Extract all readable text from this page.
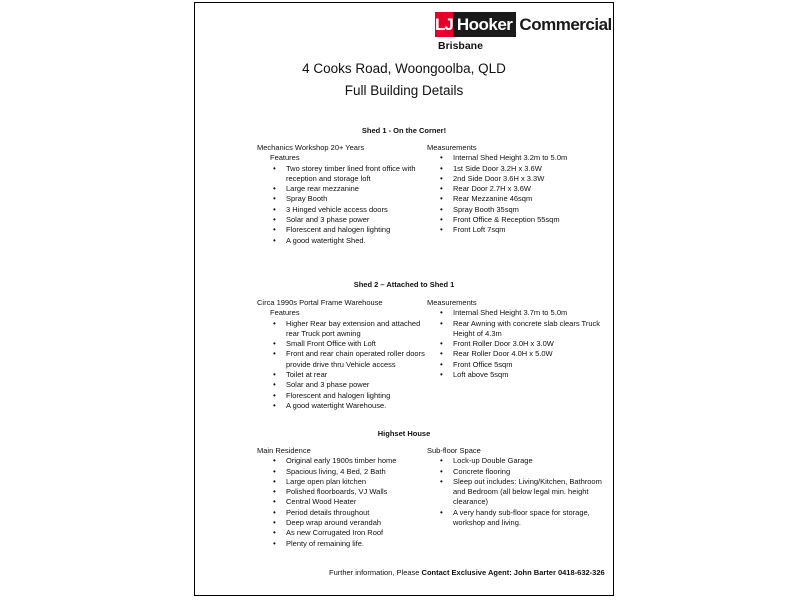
LJ Hooker Commercial
Brisbane
4 Cooks Road, Woongoolba, QLD
Full Building Details
Shed 1 - On the Corner!
Mechanics Workshop 20+ Years
Features
• Two storey timber lined front office with reception and storage loft
• Large rear mezzanine
• Spray Booth
• 3 Hinged vehicle access doors
• Solar and 3 phase power
• Florescent and halogen lighting
• A good watertight Shed.
Measurements
• Internal Shed Height 3.2m to 5.0m
• 1st Side Door 3.2H x 3.6W
• 2nd Side Door 3.6H x 3.3W
• Rear Door 2.7H x 3.6W
• Rear Mezzanine 46sqm
• Spray Booth 35sqm
• Front Office & Reception 55sqm
• Front Loft 7sqm
Shed 2 – Attached to Shed 1
Circa 1990s Portal Frame Warehouse
Features
• Higher Rear bay extension and attached rear Truck port awning
• Small Front Office with Loft
• Front and rear chain operated roller doors provide drive thru Vehicle access
• Toilet at rear
• Solar and 3 phase power
• Florescent and halogen lighting
• A good watertight Warehouse.
Measurements
• Internal Shed Height 3.7m to 5.0m
• Rear Awning with concrete slab clears Truck Height of 4.3m
• Front Roller Door 3.0H x 3.0W
• Rear Roller Door 4.0H x 5.0W
• Front Office 5sqm
• Loft above 5sqm
Highset House
Main Residence
• Original early 1900s timber home
• Spacious living, 4 Bed, 2 Bath
• Large open plan kitchen
• Polished floorboards, VJ Walls
• Central Wood Heater
• Period details throughout
• Deep wrap around verandah
• As new Corrugated Iron Roof
• Plenty of remaining life.
Sub-floor Space
• Lock-up Double Garage
• Concrete flooring
• Sleep out includes: Living/Kitchen, Bathroom and Bedroom (all below legal min. height clearance)
• A very handy sub-floor space for storage, workshop and living.
Further information, Please Contact Exclusive Agent: John Barter 0418-632-326
